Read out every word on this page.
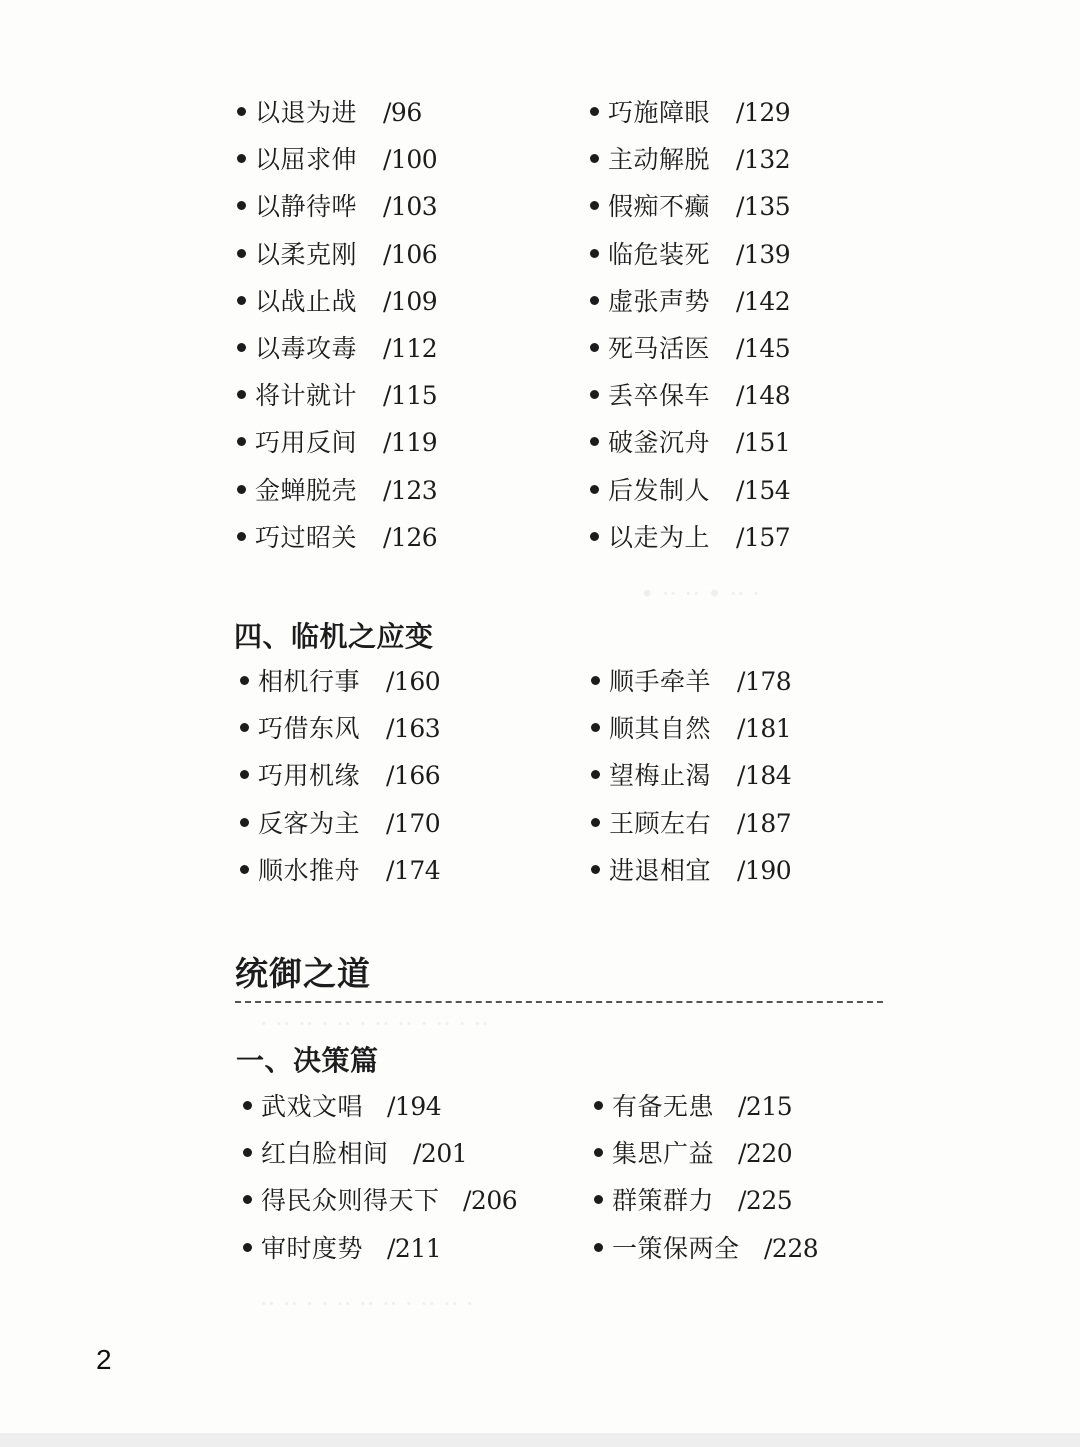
• ·· ·· • ·· ·
· ·· ·· · ·· · ·· ·· · ·· · ··
·· ·· · · ·· ·· ·· · ·· ·· ·
以退为进 /96
以屈求伸 /100
以静待哗 /103
以柔克刚 /106
以战止战 /109
以毒攻毒 /112
将计就计 /115
巧用反间 /119
金蝉脱壳 /123
巧过昭关 /126
巧施障眼 /129
主动解脱 /132
假痴不癫 /135
临危装死 /139
虚张声势 /142
死马活医 /145
丢卒保车 /148
破釜沉舟 /151
后发制人 /154
以走为上 /157
四、临机之应变
相机行事 /160
巧借东风 /163
巧用机缘 /166
反客为主 /170
顺水推舟 /174
顺手牵羊 /178
顺其自然 /181
望梅止渴 /184
王顾左右 /187
进退相宜 /190
统御之道
一、决策篇
武戏文唱 /194
红白脸相间 /201
得民众则得天下 /206
审时度势 /211
有备无患 /215
集思广益 /220
群策群力 /225
一策保两全 /228
2
